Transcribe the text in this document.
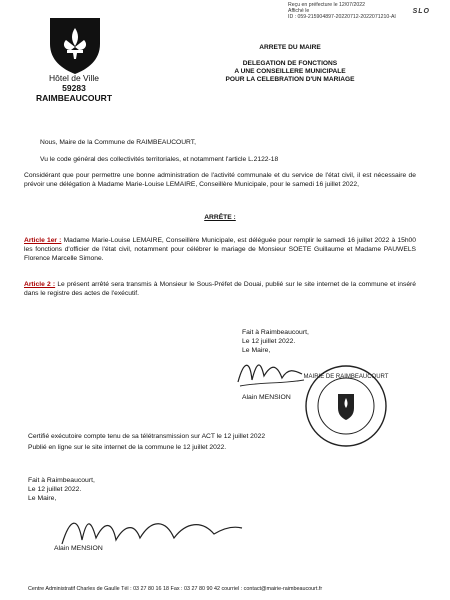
Reçu en préfecture le 12/07/2022
Affiché le
ID : 059-215904897-20220712-2022071210-AI
SLO
Hôtel de Ville
59283 RAIMBEAUCOURT
ARRETE DU MAIRE
DELEGATION DE FONCTIONS
A UNE CONSEILLERE MUNICIPALE
POUR LA CELEBRATION D'UN MARIAGE
Nous, Maire de la Commune de RAIMBEAUCOURT,
Vu le code général des collectivités territoriales, et notamment l'article L.2122-18
Considérant que pour permettre une bonne administration de l'activité communale et du service de l'état civil, il est nécessaire de prévoir une délégation à Madame Marie-Louise LEMAIRE, Conseillère Municipale, pour le samedi 16 juillet 2022,
ARRÊTE :
Article 1er : Madame Marie-Louise LEMAIRE, Conseillère Municipale, est déléguée pour remplir le samedi 16 juillet 2022 à 15h00 les fonctions d'officier de l'état civil, notamment pour célébrer le mariage de Monsieur SOETE Guillaume et Madame PAUWELS Florence Marcelle Simone.
Article 2 : Le présent arrêté sera transmis à Monsieur le Sous-Préfet de Douai, publié sur le site internet de la commune et inséré dans le registre des actes de l'exécutif.
Fait à Raimbeaucourt,
Le 12 juillet 2022.
Le Maire,
Alain MENSION
MAIRIE DE RAIMBEAUCOURT
Certifié exécutoire compte tenu de sa télétransmission sur ACT le 12 juillet 2022
Publié en ligne sur le site internet de la commune le 12 juillet 2022.
Fait à Raimbeaucourt,
Le 12 juillet 2022.
Le Maire,
Alain MENSION
Centre Administratif Charles de Gaulle Tél : 03 27 80 16 18 Fax : 03 27 80 90 42 courriel : contact@mairie-raimbeaucourt.fr
